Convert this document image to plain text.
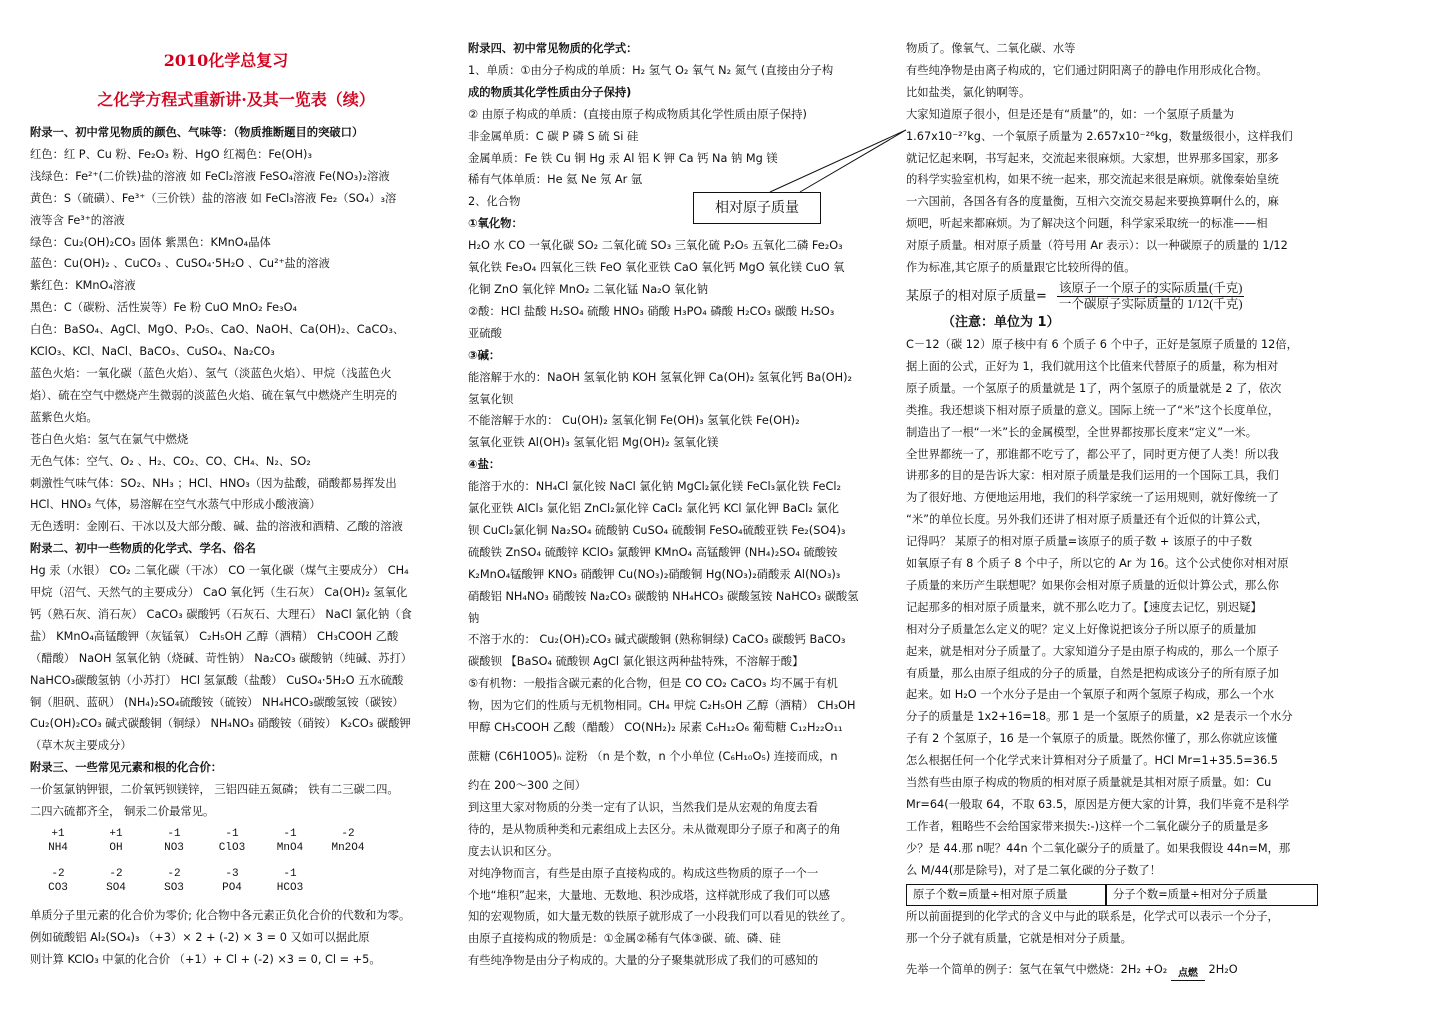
2010化学总复习
之化学方程式重新讲·及其一览表（续）
附录一、初中常见物质的颜色、气味等：（物质推断题目的突破口）
红色：红 P、Cu 粉、Fe₂O₃ 粉、HgO 红褐色：Fe(OH)₃
浅绿色：Fe²⁺(二价铁)盐的溶液 如 FeCl₂溶液 FeSO₄溶液 Fe(NO₃)₂溶液
黄色：S（硫磺）、Fe³⁺（三价铁）盐的溶液 如 FeCl₃溶液 Fe₂（SO₄）₃溶
液等含 Fe³⁺的溶液
绿色：Cu₂(OH)₂CO₃ 固体 紫黑色：KMnO₄晶体
蓝色：Cu(OH)₂ 、CuCO₃ 、CuSO₄·5H₂O 、Cu²⁺盐的溶液
紫红色：KMnO₄溶液
黑色：C（碳粉、活性炭等）Fe 粉 CuO MnO₂ Fe₃O₄
白色：BaSO₄、AgCl、MgO、P₂O₅、CaO、NaOH、Ca(OH)₂、CaCO₃、
KClO₃、KCl、NaCl、BaCO₃、CuSO₄、Na₂CO₃
蓝色火焰：一氧化碳（蓝色火焰）、氢气（淡蓝色火焰）、甲烷（浅蓝色火
焰）、硫在空气中燃烧产生微弱的淡蓝色火焰、硫在氧气中燃烧产生明亮的
蓝紫色火焰。
苍白色火焰：氢气在氯气中燃烧
无色气体：空气、O₂ 、H₂、CO₂、CO、CH₄、N₂、SO₂
刺激性气味气体：SO₂、NH₃ ；HCl、HNO₃（因为盐酸，硝酸都易挥发出
HCl、HNO₃ 气体，易溶解在空气水蒸气中形成小酸液滴）
无色透明：金刚石、干冰以及大部分酸、碱、盐的溶液和酒精、乙酸的溶液
附录二、初中一些物质的化学式、学名、俗名
Hg 汞（水银） CO₂ 二氧化碳（干冰） CO 一氧化碳（煤气主要成分） CH₄
甲烷（沼气、天然气的主要成分） CaO 氧化钙（生石灰） Ca(OH)₂ 氢氧化
钙（熟石灰、消石灰） CaCO₃ 碳酸钙（石灰石、大理石） NaCl 氯化钠（食
盐） KMnO₄高锰酸钾（灰锰氧） C₂H₅OH 乙醇（酒精） CH₃COOH 乙酸
（醋酸） NaOH 氢氧化钠（烧碱、苛性钠） Na₂CO₃ 碳酸钠（纯碱、苏打）
NaHCO₃碳酸氢钠（小苏打） HCl 氢氯酸（盐酸） CuSO₄·5H₂O 五水硫酸
铜（胆矾、蓝矾） (NH₄)₂SO₄硫酸铵（硫铵） NH₄HCO₃碳酸氢铵（碳铵）
Cu₂(OH)₂CO₃ 碱式碳酸铜（铜绿） NH₄NO₃ 硝酸铵（硝铵） K₂CO₃ 碳酸钾
（草木灰主要成分）
附录三、一些常见元素和根的化合价：
一价氢氯钠钾银，二价氧钙钡镁锌， 三铝四硅五氮磷； 铁有二三碳二四。
二四六硫都齐全， 铜汞二价最常见。
+1	+1	-1	-1	-1	-2
NH4	OH	NO3	ClO3	MnO4	Mn2O4
-2	-2	-2	-3	-1
CO3	SO4	SO3	PO4	HCO3
单质分子里元素的化合价为零价; 化合物中各元素正负化合价的代数和为零。
例如硫酸铝 Al₂(SO₄)₃ （+3）× 2 + (-2) × 3 = 0 又如可以据此原
则计算 KClO₃ 中氯的化合价 （+1）+ Cl + (-2) ×3 = 0, Cl = +5。
附录四、初中常见物质的化学式：
1、单质：①由分子构成的单质：H₂ 氢气 O₂ 氧气 N₂ 氮气 (直接由分子构
成的物质其化学性质由分子保持)
② 由原子构成的单质：(直接由原子构成物质其化学性质由原子保持)
非金属单质：C 碳 P 磷 S 硫 Si 硅
金属单质：Fe 铁 Cu 铜 Hg 汞 Al 铝 K 钾 Ca 钙 Na 钠 Mg 镁
稀有气体单质：He 氦 Ne 氖 Ar 氩
2、化合物
①氧化物：
H₂O 水 CO 一氧化碳 SO₂ 二氧化硫 SO₃ 三氧化硫 P₂O₅ 五氧化二磷 Fe₂O₃
氧化铁 Fe₃O₄ 四氧化三铁 FeO 氧化亚铁 CaO 氧化钙 MgO 氧化镁 CuO 氧
化铜 ZnO 氧化锌 MnO₂ 二氧化锰 Na₂O 氧化钠
②酸：HCl 盐酸 H₂SO₄ 硫酸 HNO₃ 硝酸 H₃PO₄ 磷酸 H₂CO₃ 碳酸 H₂SO₃
亚硫酸
③碱：
能溶解于水的：NaOH 氢氧化钠 KOH 氢氧化钾 Ca(OH)₂ 氢氧化钙 Ba(OH)₂
氢氧化钡
不能溶解于水的： Cu(OH)₂ 氢氧化铜 Fe(OH)₃ 氢氧化铁 Fe(OH)₂
氢氧化亚铁 Al(OH)₃ 氢氧化铝 Mg(OH)₂ 氢氧化镁
④盐：
能溶于水的：NH₄Cl 氯化铵 NaCl 氯化钠 MgCl₂氯化镁 FeCl₃氯化铁 FeCl₂
氯化亚铁 AlCl₃ 氯化铝 ZnCl₂氯化锌 CaCl₂ 氯化钙 KCl 氯化钾 BaCl₂ 氯化
钡 CuCl₂氯化铜 Na₂SO₄ 硫酸钠 CuSO₄ 硫酸铜 FeSO₄硫酸亚铁 Fe₂(SO4)₃
硫酸铁 ZnSO₄ 硫酸锌 KClO₃ 氯酸钾 KMnO₄ 高锰酸钾 (NH₄)₂SO₄ 硫酸铵
K₂MnO₄锰酸钾 KNO₃ 硝酸钾 Cu(NO₃)₂硝酸铜 Hg(NO₃)₂硝酸汞 Al(NO₃)₃
硝酸铝 NH₄NO₃ 硝酸铵 Na₂CO₃ 碳酸钠 NH₄HCO₃ 碳酸氢铵 NaHCO₃ 碳酸氢
钠
不溶于水的： Cu₂(OH)₂CO₃ 碱式碳酸铜 (熟称铜绿) CaCO₃ 碳酸钙 BaCO₃
碳酸钡 【BaSO₄ 硫酸钡 AgCl 氯化银这两种盐特殊，不溶解于酸】
⑤有机物：一般指含碳元素的化合物，但是 CO CO₂ CaCO₃ 均不属于有机
物，因为它们的性质与无机物相同。CH₄ 甲烷 C₂H₅OH 乙醇（酒精） CH₃OH
甲醇 CH₃COOH 乙酸（醋酸） CO(NH₂)₂ 尿素 C₆H₁₂O₆ 葡萄糖 C₁₂H₂₂O₁₁
蔗糖 (C6H10O5)ₙ 淀粉 （n 是个数，n 个小单位 (C₆H₁₀O₅) 连接而成，n
约在 200～300 之间）
到这里大家对物质的分类一定有了认识，当然我们是从宏观的角度去看
待的，是从物质种类和元素组成上去区分。未从微观即分子原子和离子的角
度去认识和区分。
对纯净物而言，有些是由原子直接构成的。构成这些物质的原子一个一
个地“堆积”起来，大量地、无数地、积沙成塔，这样就形成了我们可以感
知的宏观物质，如大量无数的铁原子就形成了一小段我们可以看见的铁丝了。
由原子直接构成的物质是：①金属②稀有气体③碳、硫、磷、硅
有些纯净物是由分子构成的。大量的分子聚集就形成了我们的可感知的
相对原子质量
物质了。像氧气、二氧化碳、水等
有些纯净物是由离子构成的，它们通过阴阳离子的静电作用形成化合物。
比如盐类，氯化钠啊等。
大家知道原子很小，但是还是有“质量”的，如：一个氢原子质量为
1.67x10⁻²⁷kg、一个氧原子质量为 2.657x10⁻²⁶kg，数量级很小，这样我们
就记忆起来啊，书写起来，交流起来很麻烦。大家想，世界那多国家，那多
的科学实验室机构，如果不统一起来，那交流起来很是麻烦。就像秦始皇统
一六国前，各国各有各的度量衡，互相六交流交易起来要换算啊什么的，麻
烦吧，听起来都麻烦。为了解决这个问题，科学家采取统一的标准——相
对原子质量。相对原子质量（符号用 Ar 表示）：以一种碳原子的质量的 1/12
作为标准,其它原子的质量跟它比较所得的值。
某原子的相对原子质量= $\frac{\text{该原子一个原子的实际质量(千克)}}{\text{一个碳原子实际质量的 1/12(千克)}}$
（注意：单位为 1）
C－12（碳 12）原子核中有 6 个质子 6 个中子，正好是氢原子质量的 12倍，
据上面的公式，正好为 1，我们就用这个比值来代替原子的质量，称为相对
原子质量。一个氢原子的质量就是 1了，两个氢原子的质量就是 2 了，依次
类推。我还想谈下相对原子质量的意义。国际上统一了“米”这个长度单位，
制造出了一根“一米”长的金属模型，全世界都按那长度来“定义”一米。
全世界都统一了，那谁都不吃亏了，都公平了，同时更方便了人类！所以我
讲那多的目的是告诉大家：相对原子质量是我们运用的一个国际工具，我们
为了很好地、方便地运用地，我们的科学家统一了运用规则，就好像统一了
“米”的单位长度。另外我们还讲了相对原子质量还有个近似的计算公式，
记得吗？ 某原子的相对原子质量=该原子的质子数 + 该原子的中子数
如氧原子有 8 个质子 8 个中子，所以它的 Ar 为 16。这个公式使你对相对原
子质量的来历产生联想呢？如果你会相对原子质量的近似计算公式，那么你
记起那多的相对原子质量来，就不那么吃力了。【速度去记忆，别迟疑】
相对分子质量怎么定义的呢？定义上好像说把该分子所以原子的质量加
起来，就是相对分子质量了。大家知道分子是由原子构成的，那么一个原子
有质量，那么由原子组成的分子的质量，自然是把构成该分子的所有原子加
起来。如 H₂O 一个水分子是由一个氧原子和两个氢原子构成，那么一个水
分子的质量是 1x2+16=18。那 1 是一个氢原子的质量，x2 是表示一个水分
子有 2 个氢原子，16 是一个氧原子的质量。既然你懂了，那么你就应该懂
怎么根据任何一个化学式来计算相对分子质量了。HCl Mr=1+35.5=36.5
当然有些由原子构成的物质的相对原子质量就是其相对原子质量。如：Cu
Mr=64(一般取 64，不取 63.5，原因是方便大家的计算，我们毕竟不是科学
工作者，粗略些不会给国家带来损失:-)这样一个二氧化碳分子的质量是多
少？是 44.那 n呢？44n 个二氧化碳分子的质量了。如果我假设 44n=M，那
么 M/44(那是除号)，对了是二氧化碳的分子数了！
原子个数=质量÷相对原子质量	分子个数=质量÷相对分子质量
所以前面提到的化学式的含义中与此的联系是，化学式可以表示一个分子，
那一个分子就有质量，它就是相对分子质量。
先举一个简单的例子：氢气在氧气中燃烧：2H₂ +O₂	点燃 2H₂O
